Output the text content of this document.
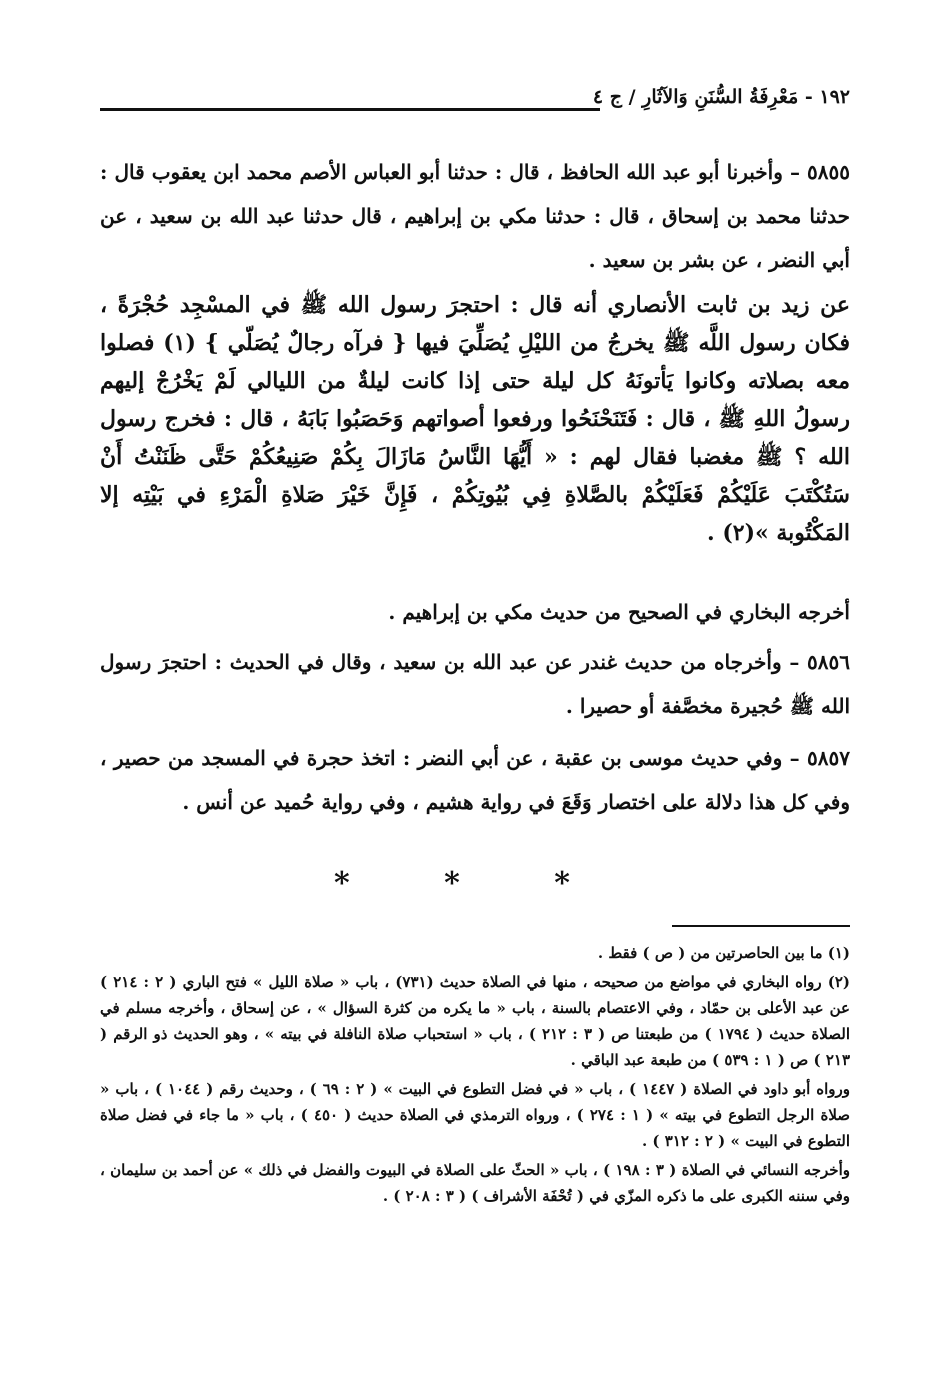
١٩٢ - مَعْرِفَةُ السُّنَنِ وَالآثَارِ / ج ٤

٥٨٥٥ – وأخبرنا أبو عبد الله الحافظ ، قال : حدثنا أبو العباس الأصم محمد ابن يعقوب قال : حدثنا محمد بن إسحاق ، قال : حدثنا مكي بن إبراهيم ، قال حدثنا عبد الله بن سعيد ، عن أبي النضر ، عن بشر بن سعيد .

عن زيد بن ثابت الأنصاري أنه قال : احتجرَ رسول الله ﷺ في المسْجِد حُجْرَةً ، فكان رسول اللَّه ﷺ يخرجُ من الليْلِ يُصَلِّيَ فيها { فرآه رجالٌ يُصَلّي } (١) فصلوا معه بصلاته وكانوا يَأتونَهُ كل ليلة حتى إذا كانت ليلةٌ من الليالي لَمْ يَخْرُجْ إليهم رسولُ اللهِ ﷺ ، قال : فَتَنَحْنَحُوا ورفعوا أصواتهم وَحَصَبُوا بَابَهُ ، قال : فخرج رسول الله ؟ ﷺ مغضبا فقال لهم : « أَيُّهَا النَّاسُ مَازَالَ بِكُمْ صَنِيعُكُمْ حَتَّى ظَنَنْتُ أَنْ سَتُكْتَبَ عَلَيْكُمْ فَعَلَيْكُمْ بالصَّلاةِ فِي بُيُوتِكُمْ ، فَإِنَّ خَيْرَ صَلاةِ الْمَرْءِ في بَيْتِه إلا المَكْتُوبة »(٢) .

أخرجه البخاري في الصحيح من حديث مكي بن إبراهيم .

٥٨٥٦ – وأخرجاه من حديث غندر عن عبد الله بن سعيد ، وقال في الحديث : احتجرَ رسول الله ﷺ حُجيرة مخصَّفة أو حصيرا .

٥٨٥٧ – وفي حديث موسى بن عقبة ، عن أبي النضر : اتخذ حجرة في المسجد من حصير ، وفي كل هذا دلالة على اختصار وَقَعَ في رواية هشيم ، وفي رواية حُميد عن أنس .

* * *

(١) ما بين الحاصرتين من ( ص ) فقط .

(٢) رواه البخاري في مواضع من صحيحه ، منها في الصلاة حديث (٧٣١) ، باب « صلاة الليل » فتح الباري ( ٢ : ٢١٤ ) عن عبد الأعلى بن حمّاد ، وفي الاعتصام بالسنة ، باب « ما يكره من كثرة السؤال » ، عن إسحاق ، وأخرجه مسلم في الصلاة حديث ( ١٧٩٤ ) من طبعتنا ص ( ٣ : ٢١٢ ) ، باب « استحباب صلاة النافلة في بيته » ، وهو الحديث ذو الرقم ( ٢١٣ ) ص ( ١ : ٥٣٩ ) من طبعة عبد الباقي .

ورواه أبو داود في الصلاة ( ١٤٤٧ ) ، باب « في فضل التطوع في البيت » ( ٢ : ٦٩ ) ، وحديث رقم ( ١٠٤٤ ) ، باب « صلاة الرجل التطوع في بيته » ( ١ : ٢٧٤ ) ، ورواه الترمذي في الصلاة حديث ( ٤٥٠ ) ، باب « ما جاء في فضل صلاة التطوع في البيت » ( ٢ : ٣١٢ ) .

وأخرجه النسائي في الصلاة ( ٣ : ١٩٨ ) ، باب « الحثّ على الصلاة في البيوت والفضل في ذلك » عن أحمد بن سليمان ، وفي سننه الكبرى على ما ذكره المزّي في ( تُحْفَة الأشراف ) ( ٣ : ٢٠٨ ) .
